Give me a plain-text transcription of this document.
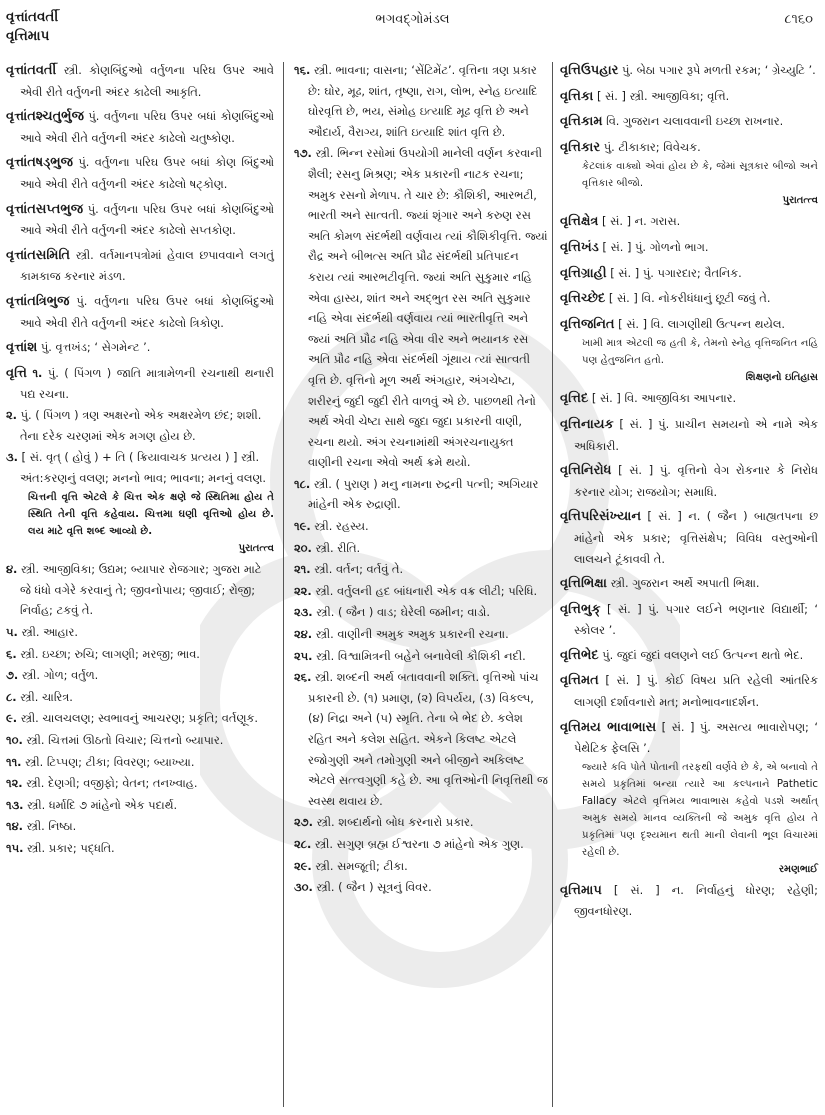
વૃત્તાંતવર્તી
વૃત્તિમાપ
ભગવદ્ગોમંડલ	૮૧૬૦
વૃત્તાંતવર્તી સ્ત્રી. કોણબિંદુઓ વર્તુળના પરિઘ ઉપર આવે એવી રીતે વર્તુળની અંદર કાઢેલી આકૃતિ.
વૃત્તાંતશ્ચતુર્ભુજ પું. વર્તુળના પરિઘ ઉપર બધાં કોણબિંદુઓ આવે એવી રીતે વર્તુળની અંદર કાઢેલો ચતુષ્કોણ.
વૃત્તાંતષડ્ભુજ પું. વર્તુળના પરિઘ ઉપર બધાં કોણ બિંદુઓ આવે એવી રીતે વર્તુળની અંદર કાઢેલો ષટ્કોણ.
વૃત્તાંતસપ્તભુજ પું. વર્તુળના પરિઘ ઉપર બધાં કોણબિંદુઓ આવે એવી રીતે વર્તુળની અંદર કાઢેલો સપ્તકોણ.
વૃત્તાંતસમિતિ સ્ત્રી. વર્તમાનપત્રોમાં હેવાલ છપાવવાને લગતું કામકાજ કરનાર મંડળ.
વૃત્તાંતત્રિભુજ પું. વર્તુળના પરિઘ ઉપર બધાં કોણબિંદુઓ આવે એવી રીતે વર્તુળની અંદર કાઢેલો ત્રિકોણ.
વૃત્તાંશ પું. વૃત્તખંડ; ‘ સેગમેન્ટ ’.
વૃત્તિ ૧. પું. ( પિંગળ ) જાતિ માત્રામેળની રચનાથી થનારી પદ્ય રચના.
૨. પું. ( પિંગળ ) ત્રણ અક્ષરનો એક અક્ષરમેળ છંદ; શશી. તેના દરેક ચરણમાં એક મગણ હોય છે.
૩. [ સં. વૃત્ ( હોવું ) + તિ ( ક્રિયાવાચક પ્રત્યય ) ] સ્ત્રી. અંત:કરણનું વલણ; મનનો ભાવ; ભાવના; મનનું વલણ.
ચિત્તની વૃત્તિ એટલે કે ચિત્ત એક ક્ષણે જે સ્થિતિમા હોય તે સ્થિતિ તેની વૃત્તિ કહેવાય. ચિત્તમા ઘણી વૃત્તિઓ હોય છે. લય માટે વૃત્તિ શબ્દ આવ્યો છે.
પુરાતત્ત્વ
૪. સ્ત્રી. આજીવિકા; ઉદ્યમ; બ્યાપાર રોજગાર; ગુજરા માટે જે ધંધો વગેરે કરવાનું તે; જીવનોપાય; જીવાઈ; રોજી; નિર્વાહ; ટકવું તે.
૫. સ્ત્રી. આહાર.
૬. સ્ત્રી. ઇચ્છા; રુચિ; લાગણી; મરજી; ભાવ.
૭. સ્ત્રી. ગોળ; વર્તુળ.
૮. સ્ત્રી. ચારિત્ર.
૯. સ્ત્રી. ચાલચલણ; સ્વભાવનું આચરણ; પ્રકૃતિ; વર્તણૂક.
૧૦. સ્ત્રી. ચિત્તમાં ઊઠતો વિચાર; ચિત્તનો બ્યાપાર.
૧૧. સ્ત્રી. ટિપ્પણ; ટીકા; વિવરણ; બ્યાખ્યા.
૧૨. સ્ત્રી. દેણગી; વજીફો; વેતન; તનખ્વાહ.
૧૩. સ્ત્રી. ધર્માદિ ૭ માંહેનો એક પદાર્થ.
૧૪. સ્ત્રી. નિષ્ઠા.
૧૫. સ્ત્રી. પ્રકાર; પદ્ધતિ.
૧૬. સ્ત્રી. ભાવના; વાસના; ‘સેંટિમેંટ’. વૃત્તિના ત્રણ પ્રકાર છે: ઘોર, મૂઢ, શાંત, તૃષ્ણા, રાગ, લોભ, સ્નેહ ઇત્યાદિ ઘોરવૃત્તિ છે, ભય, સંમોહ ઇત્યાદિ મૂઢ વૃત્તિ છે અને ઔદાર્ય, વૈરાગ્ય, શાંતિ ઇત્યાદિ શાંત વૃત્તિ છે.
૧૭. સ્ત્રી. ભિન્ન રસોમાં ઉપયોગી માનેલી વર્ણન કરવાની શૈલી; રસનુ મિશ્રણ; એક પ્રકારની નાટક રચના; અમુક રસનો મેળાપ. તે ચાર છે: કૌશિકી, આરભટી, ભારતી અને સાત્વતી. જ્યાં શૃંગાર અને કરુણ રસ અતિ કોમળ સંદર્ભથી વર્ણવાય ત્યાં કૌશિકીવૃત્તિ. જ્યાં રૌદ્ર અને બીભત્સ અતિ પ્રૌઢ સંદર્ભથી પ્રતિપાદન કરાય ત્યાં આરભટીવૃત્તિ. જ્યાં અતિ સુકુમાર નહિ એવા હાસ્ય, શાંત અને અદ્ભુત રસ અતિ સુકુમાર નહિ એવા સંદર્ભથી વર્ણવાય ત્યાં ભારતીવૃત્તિ અને જ્યાં અતિ પ્રૌઢ નહિ એવા વીર અને ભયાનક રસ અતિ પ્રૌઢ નહિ એવા સંદર્ભથી ગૂંથાય ત્યાં સાત્વતી વૃત્તિ છે. વૃત્તિનો મૂળ અર્થ અંગહાર, અંગચેષ્ટા, શરીરનું જુદી જુદી રીતે વાળવું એ છે. પાછળથી તેનો અર્થ એવી ચેષ્ટા સાથે જુદા જુદા પ્રકારની વાણી, રચના થયો. અંગ રચનામાંથી અંગરચનાયુક્ત વાણીની રચના એવો અર્થ ક્રમે થયો.
૧૮. સ્ત્રી. ( પુરાણ ) મનુ નામના રુદ્રની પત્ની; અગિયાર માંહેની એક રુદ્રાણી.
૧૯. સ્ત્રી. રહસ્ય.
૨૦. સ્ત્રી. રીતિ.
૨૧. સ્ત્રી. વર્તન; વર્તવું તે.
૨૨. સ્ત્રી. વર્તુલની હદ બાંધનારી એક વક્ર લીટી; પરિધિ.
૨૩. સ્ત્રી. ( જૈન ) વાડ; ઘેરેલી જમીન; વાડો.
૨૪. સ્ત્રી. વાણીની અમુક અમુક પ્રકારની રચના.
૨૫. સ્ત્રી. વિશ્વામિત્રની બહેને બનાવેલી કૌશિકી નદી.
૨૬. સ્ત્રી. શબ્દની અર્થ બતાવવાની શક્તિ. વૃત્તિઓ પાંચ પ્રકારની છે. (૧) પ્રમાણ, (૨) વિપર્યય, (૩) વિકલ્પ, (૪) નિદ્રા અને (૫) સ્મૃતિ. તેના બે ભેદ છે. કલેશ રહિત અને કલેશ સહિત. એકને કિલષ્ટ એટલે રજોગુણી અને તમોગુણી અને બીજીને અકિલષ્ટ એટલે સત્ત્વગુણી કહે છે. આ વૃત્તિઓની નિવૃત્તિથી જ સ્વસ્થ થવાય છે.
૨૭. સ્ત્રી. શબ્દાર્થનો બોધ કરનારો પ્રકાર.
૨૮. સ્ત્રી. સગુણ બ્રહ્મ ઈશ્વરના ૭ માંહેનો એક ગુણ.
૨૯. સ્ત્રી. સમજૂતી; ટીકા.
૩૦. સ્ત્રી. ( જૈન ) સૂત્રનું વિવર.
વૃત્તિઉપહાર પું. બેઠા પગાર રૂપે મળતી રકમ; ‘ ગ્રેચ્યુટિ ’.
વૃત્તિકા [ સં. ] સ્ત્રી. આજીવિકા; વૃત્તિ.
વૃત્તિકામ વિ. ગુજરાન ચલાવવાની ઇચ્છા રાખનાર.
વૃત્તિકાર પું. ટીકાકાર; વિવેચક.
કેટલાંક વાક્યો એવાં હોય છે કે, જેમાં સૂત્રકાર બીજો અને વૃત્તિકાર બીજો.
પુરાતત્ત્વ
વૃત્તિક્ષેત્ર [ સં. ] ન. ગરાસ.
વૃત્તિખંડ [ સં. ] પું. ગોળનો ભાગ.
વૃત્તિગ્રાહી [ સં. ] પું. પગારદાર; વૈતનિક.
વૃત્તિચ્છેદ [ સં. ] વિ. નોકરીધંધાનું છૂટી જવું તે.
વૃત્તિજનિત [ સં. ] વિ. લાગણીથી ઉત્પન્ન થયેલ.
ખામી માત્ર એટલી જ હતી કે, તેમનો સ્નેહ વૃત્તિજનિત નહિ પણ હેતુજનિત હતો.
શિક્ષણનો ઇતિહાસ
વૃત્તિદ [ સં. ] વિ. આજીવિકા આપનાર.
વૃત્તિનાયક [ સં. ] પું. પ્રાચીન સમયનો એ નામે એક અધિકારી.
વૃત્તિનિરોધ [ સં. ] પું. વૃત્તિનો વેગ રોકનાર કે નિરોધ કરનાર યોગ; રાજયોગ; સમાધિ.
વૃત્તિપરિસંખ્યાન [ સં. ] ન. ( જૈન ) બાહ્યતપના છ માંહેનો એક પ્રકાર; વૃત્તિસંક્ષેપ; વિવિધ વસ્તુઓની લાલચને ટૂંકાવવી તે.
વૃત્તિભિક્ષા સ્ત્રી. ગુજરાન અર્થે અપાતી ભિક્ષા.
વૃત્તિભુક્ [ સં. ] પું. પગાર લઈને ભણનાર વિદ્યાર્થી; ‘ સ્કોલર ’.
વૃત્તિભેદ પું. જુદાં જુદાં વલણને લઈ ઉત્પન્ન થતો ભેદ.
વૃત્તિમત [ સં. ] પું. કોઈ વિષય પ્રતિ રહેલી આંતરિક લાગણી દર્શાવનારો મત; મનોભાવનાદર્શન.
વૃત્તિમય ભાવાભાસ [ સં. ] પું. અસત્ય ભાવારોપણ; ‘ પેથેટિક ફેલસિ ’.
જ્યારે કવિ પોતે પોતાની તરફથી વર્ણવે છે કે, એ બનાવો તે સમયે પ્રકૃતિમાં બન્યા ત્યારે આ કલ્પનાને Pathetic Fallacy એટલે વૃત્તિમય ભાવાભાસ કહેવો પડશે અર્થાત્ અમુક સમયે માનવ વ્યક્તિની જે અમુક વૃત્તિ હોય તે પ્રકૃતિમાં પણ દૃશ્યમાન થતી માની લેવાની ભૂલ વિચારમાં રહેલી છે.
રમણભાઈ
વૃત્તિમાપ [ સં. ] ન. નિર્વાહનું ધોરણ; રહેણી; જીવનધોરણ.
